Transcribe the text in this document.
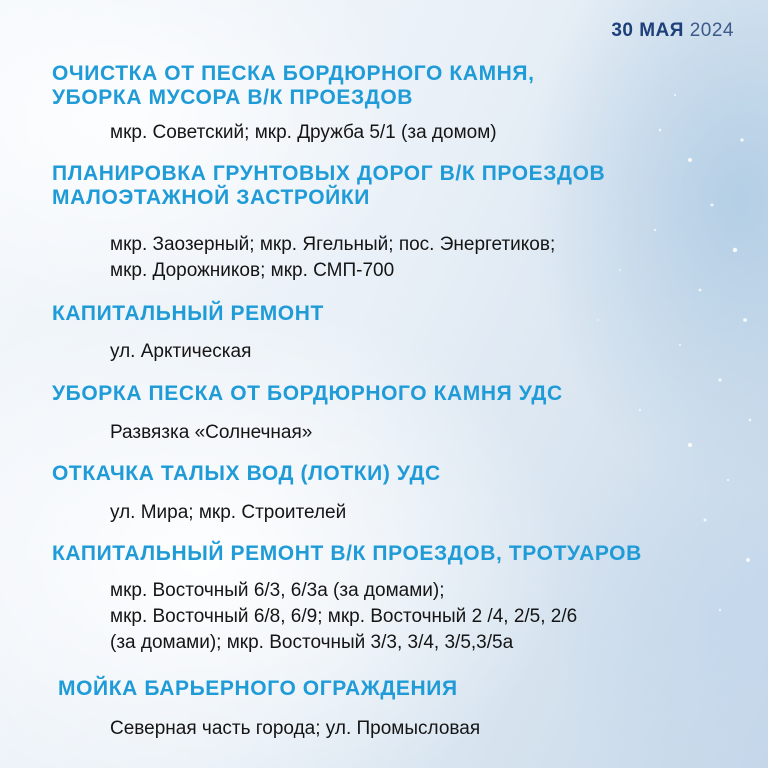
30 МАЯ 2024
ОЧИСТКА ОТ ПЕСКА БОРДЮРНОГО КАМНЯ,
УБОРКА МУСОРА В/К ПРОЕЗДОВ
мкр. Советский; мкр. Дружба 5/1 (за домом)
ПЛАНИРОВКА ГРУНТОВЫХ ДОРОГ В/К ПРОЕЗДОВ
МАЛОЭТАЖНОЙ ЗАСТРОЙКИ
мкр. Заозерный; мкр. Ягельный; пос. Энергетиков;
мкр. Дорожников; мкр. СМП-700
КАПИТАЛЬНЫЙ РЕМОНТ
ул. Арктическая
УБОРКА ПЕСКА ОТ БОРДЮРНОГО КАМНЯ УДС
Развязка «Солнечная»
ОТКАЧКА ТАЛЫХ ВОД (ЛОТКИ) УДС
ул. Мира; мкр. Строителей
КАПИТАЛЬНЫЙ РЕМОНТ В/К ПРОЕЗДОВ, ТРОТУАРОВ
мкр. Восточный 6/3, 6/3а (за домами);
мкр. Восточный 6/8, 6/9; мкр. Восточный 2 /4, 2/5, 2/6
(за домами); мкр. Восточный 3/3, 3/4, 3/5,3/5а
МОЙКА БАРЬЕРНОГО ОГРАЖДЕНИЯ
Северная часть города; ул. Промысловая
